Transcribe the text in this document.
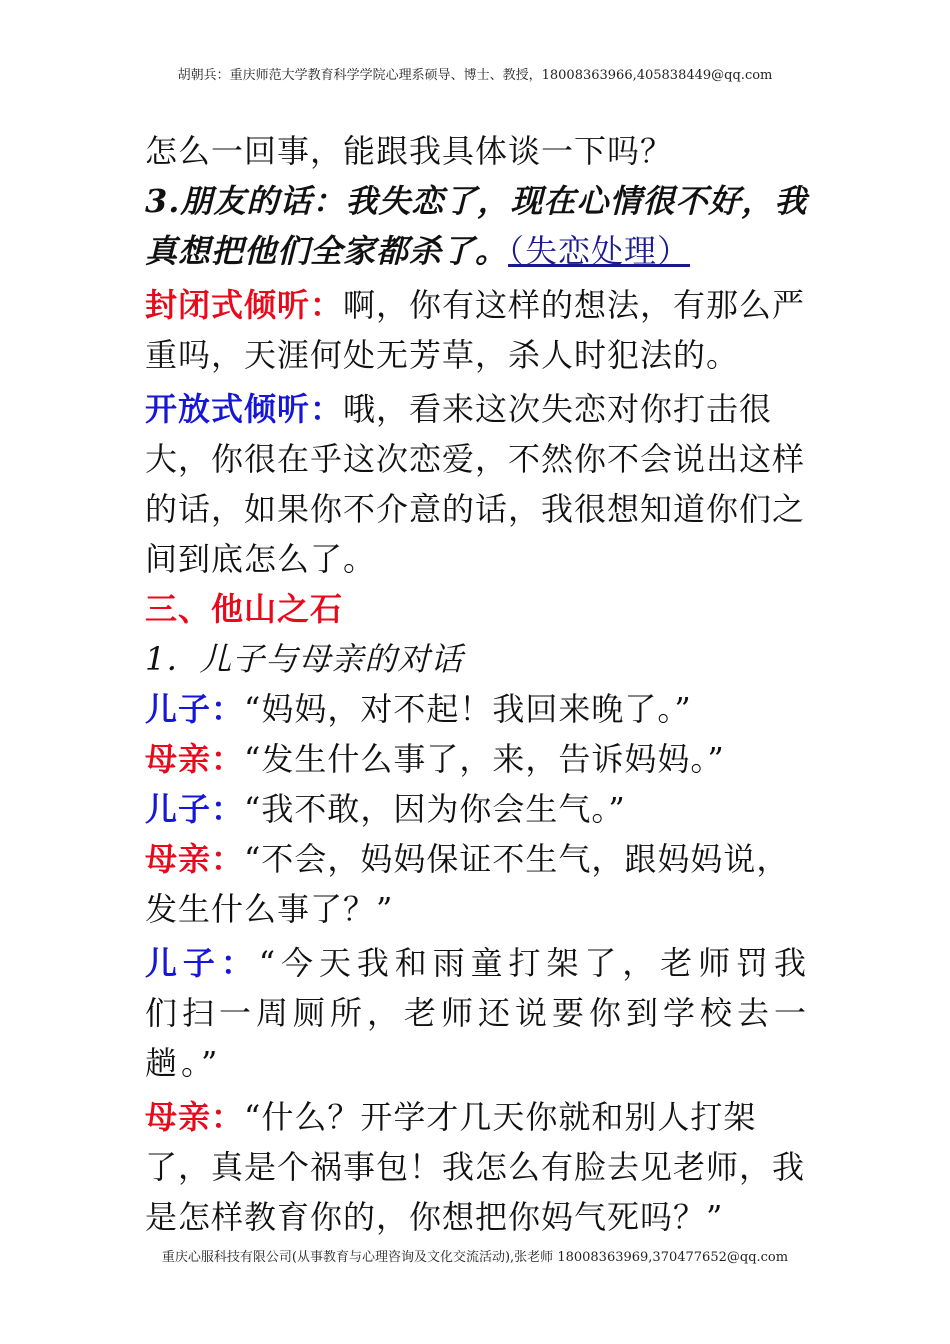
胡朝兵：重庆师范大学教育科学学院心理系硕导、博士、教授，18008363966,405838449@qq.com

怎么一回事，能跟我具体谈一下吗？

3.朋友的话：我失恋了，现在心情很不好，我真想把他们全家都杀了。（失恋处理）

封闭式倾听：啊，你有这样的想法，有那么严重吗，天涯何处无芳草，杀人时犯法的。

开放式倾听：哦，看来这次失恋对你打击很大，你很在乎这次恋爱，不然你不会说出这样的话，如果你不介意的话，我很想知道你们之间到底怎么了。

三、他山之石

1．儿子与母亲的对话

儿子：“妈妈，对不起！我回来晚了。”

母亲：“发生什么事了，来，告诉妈妈。”

儿子：“我不敢，因为你会生气。”

母亲：“不会，妈妈保证不生气，跟妈妈说，发生什么事了？”

儿子：“今天我和雨童打架了，老师罚我们扫一周厕所，老师还说要你到学校去一趟。”

母亲：“什么？开学才几天你就和别人打架了，真是个祸事包！我怎么有脸去见老师，我是怎样教育你的，你想把你妈气死吗？”

重庆心服科技有限公司(从事教育与心理咨询及文化交流活动),张老师 18008363969,370477652@qq.com
